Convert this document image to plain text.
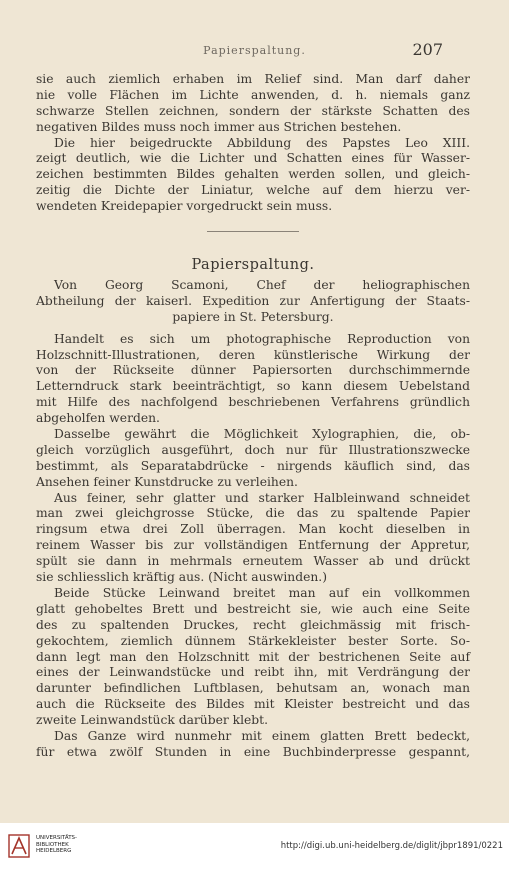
Papierspaltung.	207
sie auch ziemlich erhaben im Relief sind. Man darf daher
nie volle Flächen im Lichte anwenden, d. h. niemals ganz
schwarze Stellen zeichnen, sondern der stärkste Schatten des
negativen Bildes muss noch immer aus Strichen bestehen.
Die hier beigedruckte Abbildung des Papstes Leo XIII.
zeigt deutlich, wie die Lichter und Schatten eines für Wasser-
zeichen bestimmten Bildes gehalten werden sollen, und gleich-
zeitig die Dichte der Liniatur, welche auf dem hierzu ver-
wendeten Kreidepapier vorgedruckt sein muss.
Papierspaltung.
Von Georg Scamoni, Chef der heliographischen
Abtheilung der kaiserl. Expedition zur Anfertigung der Staats-
papiere in St. Petersburg.
Handelt es sich um photographische Reproduction von
Holzschnitt-Illustrationen, deren künstlerische Wirkung der
von der Rückseite dünner Papiersorten durchschimmernde
Letterndruck stark beeinträchtigt, so kann diesem Uebelstand
mit Hilfe des nachfolgend beschriebenen Verfahrens gründlich
abgeholfen werden.
Dasselbe gewährt die Möglichkeit Xylographien, die, ob-
gleich vorzüglich ausgeführt, doch nur für Illustrationszwecke
bestimmt, als Separatabdrücke - nirgends käuflich sind, das
Ansehen feiner Kunstdrucke zu verleihen.
Aus feiner, sehr glatter und starker Halbleinwand schneidet
man zwei gleichgrosse Stücke, die das zu spaltende Papier
ringsum etwa drei Zoll überragen. Man kocht dieselben in
reinem Wasser bis zur vollständigen Entfernung der Appretur,
spült sie dann in mehrmals erneutem Wasser ab und drückt
sie schliesslich kräftig aus. (Nicht auswinden.)
Beide Stücke Leinwand breitet man auf ein vollkommen
glatt gehobeltes Brett und bestreicht sie, wie auch eine Seite
des zu spaltenden Druckes, recht gleichmässig mit frisch-
gekochtem, ziemlich dünnem Stärkekleister bester Sorte. So-
dann legt man den Holzschnitt mit der bestrichenen Seite auf
eines der Leinwandstücke und reibt ihn, mit Verdrängung der
darunter befindlichen Luftblasen, behutsam an, wonach man
auch die Rückseite des Bildes mit Kleister bestreicht und das
zweite Leinwandstück darüber klebt.
Das Ganze wird nunmehr mit einem glatten Brett bedeckt,
für etwa zwölf Stunden in eine Buchbinderpresse gespannt,
UNIVERSITÄTS-
BIBLIOTHEK
HEIDELBERG	http://digi.ub.uni-heidelberg.de/diglit/jbpr1891/0221
